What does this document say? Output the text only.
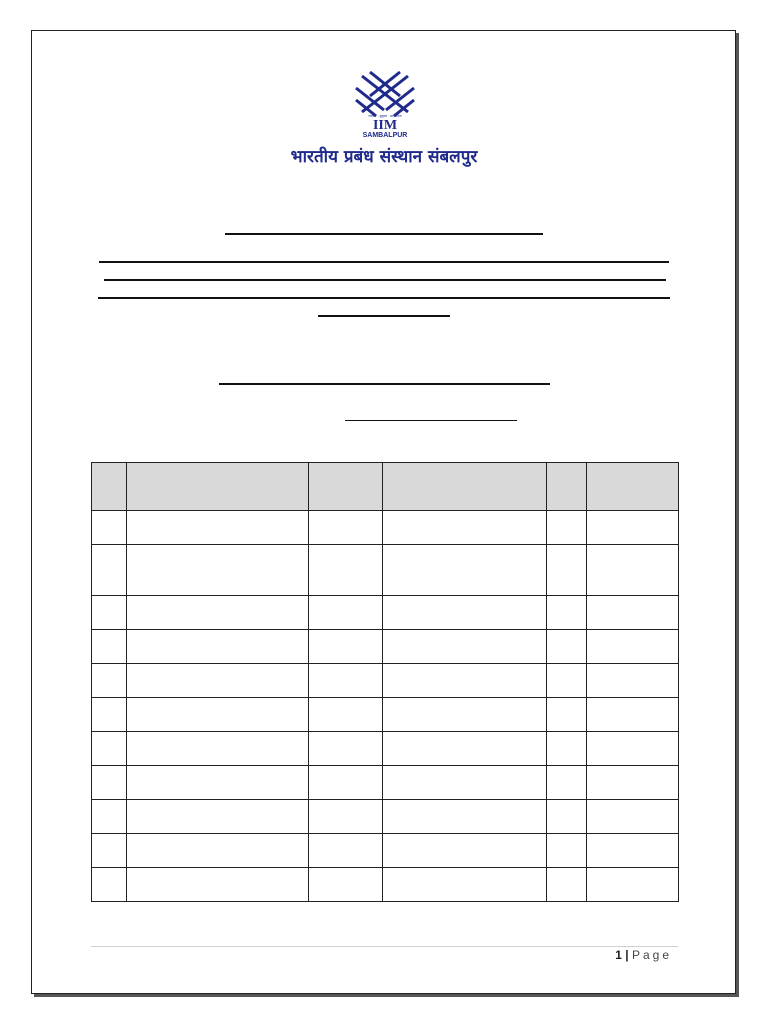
नवाचार - सुदृढ़ता - समावेशिता
IIM
SAMBALPUR
भारतीय प्रबंध संस्थान संबलपुर

1 | Page
